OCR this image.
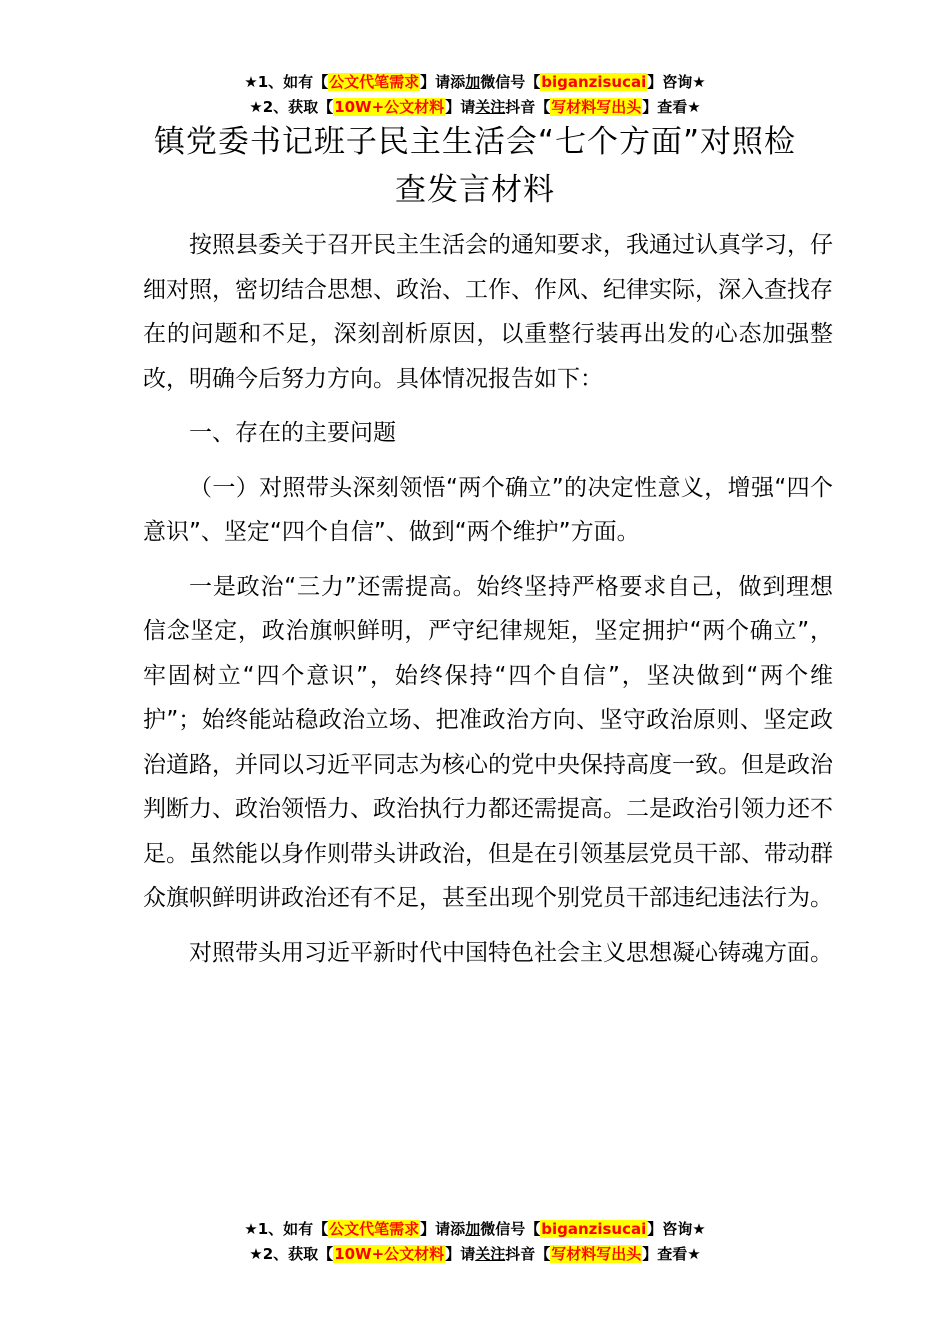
★1、如有【公文代笔需求】请添加微信号【biganzisucai】咨询★
★2、获取【10W+公文材料】请关注抖音【写材料写出头】查看★
镇党委书记班子民主生活会“七个方面”对照检查发言材料

按照县委关于召开民主生活会的通知要求，我通过认真学习，仔细对照，密切结合思想、政治、工作、作风、纪律实际，深入查找存在的问题和不足，深刻剖析原因，以重整行装再出发的心态加强整改，明确今后努力方向。具体情况报告如下：

一、存在的主要问题

（一）对照带头深刻领悟“两个确立”的决定性意义，增强“四个意识”、坚定“四个自信”、做到“两个维护”方面。

一是政治“三力”还需提高。始终坚持严格要求自己，做到理想信念坚定，政治旗帜鲜明，严守纪律规矩，坚定拥护“两个确立”，牢固树立“四个意识”，始终保持“四个自信”，坚决做到“两个维护”；始终能站稳政治立场、把准政治方向、坚守政治原则、坚定政治道路，并同以习近平同志为核心的党中央保持高度一致。但是政治判断力、政治领悟力、政治执行力都还需提高。二是政治引领力还不足。虽然能以身作则带头讲政治，但是在引领基层党员干部、带动群众旗帜鲜明讲政治还有不足，甚至出现个别党员干部违纪违法行为。

对照带头用习近平新时代中国特色社会主义思想凝心铸魂方面。

★1、如有【公文代笔需求】请添加微信号【biganzisucai】咨询★
★2、获取【10W+公文材料】请关注抖音【写材料写出头】查看★
